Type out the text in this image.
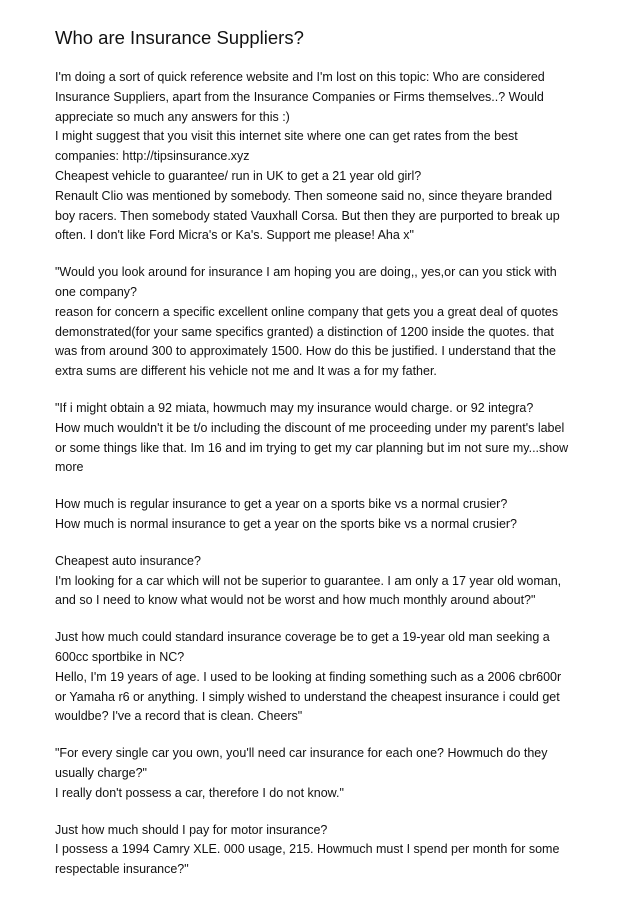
Who are Insurance Suppliers?
I'm doing a sort of quick reference website and I'm lost on this topic: Who are considered
Insurance Suppliers, apart from the Insurance Companies or Firms themselves..? Would
appreciate so much any answers for this :)
I might suggest that you visit this internet site where one can get rates from the best
companies: http://tipsinsurance.xyz
Cheapest vehicle to guarantee/ run in UK to get a 21 year old girl?
Renault Clio was mentioned by somebody. Then someone said no, since theyare branded
boy racers. Then somebody stated Vauxhall Corsa. But then they are purported to break up
often. I don't like Ford Micra's or Ka's. Support me please! Aha x"
"Would you look around for insurance I am hoping you are doing,, yes,or can you stick with
one company?
reason for concern a specific excellent online company that gets you a great deal of quotes
demonstrated(for your same specifics granted) a distinction of 1200 inside the quotes. that
was from around 300 to approximately 1500. How do this be justified. I understand that the
extra sums are different his vehicle not me and It was a for my father.
"If i might obtain a 92 miata, howmuch may my insurance would charge. or 92 integra?
How much wouldn't it be t/o including the discount of me proceeding under my parent's label
or some things like that. Im 16 and im trying to get my car planning but im not sure my...show
more
How much is regular insurance to get a year on a sports bike vs a normal crusier?
How much is normal insurance to get a year on the sports bike vs a normal crusier?
Cheapest auto insurance?
I'm looking for a car which will not be superior to guarantee. I am only a 17 year old woman,
and so I need to know what would not be worst and how much monthly around about?"
Just how much could standard insurance coverage be to get a 19-year old man seeking a
600cc sportbike in NC?
Hello, I'm 19 years of age. I used to be looking at finding something such as a 2006 cbr600r
or Yamaha r6 or anything. I simply wished to understand the cheapest insurance i could get
wouldbe? I've a record that is clean. Cheers"
"For every single car you own, you'll need car insurance for each one? Howmuch do they
usually charge?"
I really don't possess a car, therefore I do not know."
Just how much should I pay for motor insurance?
I possess a 1994 Camry XLE. 000 usage, 215. Howmuch must I spend per month for some
respectable insurance?"
